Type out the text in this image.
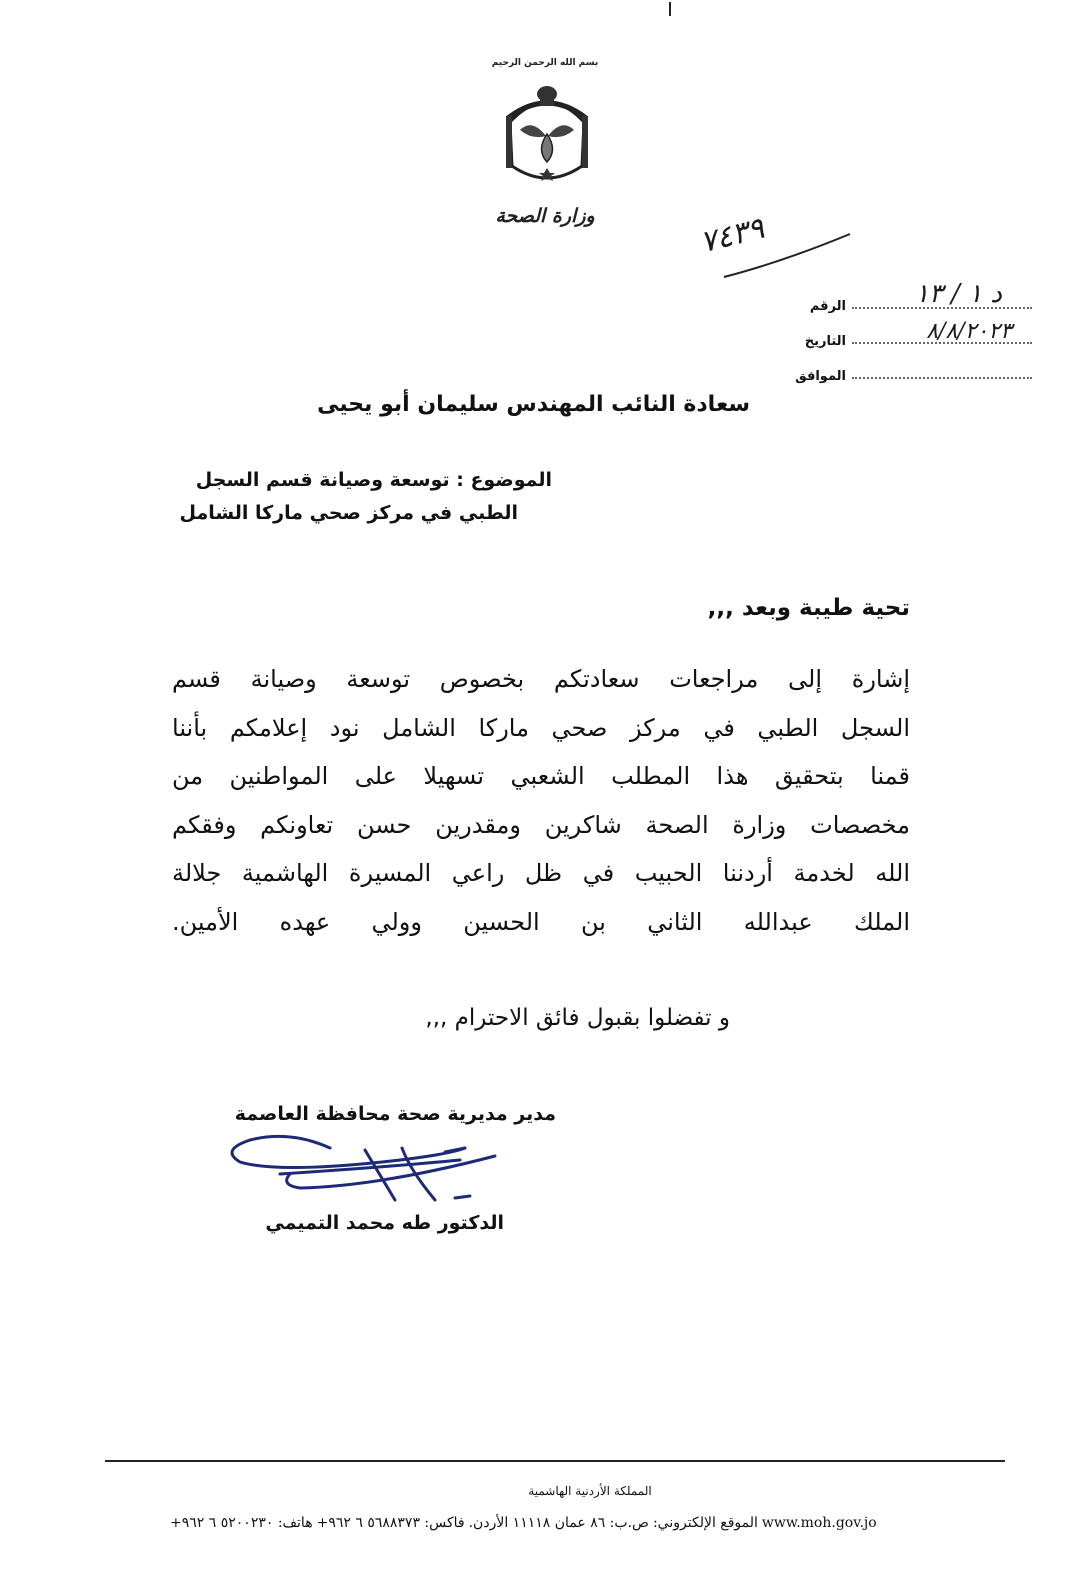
بسم الله الرحمن الرحيم
وزارة الصحة	٧٤٣٩
الرقم	د ١ / ١٣
التاريخ	٨/٨/٢٠٢٣
الموافق
سعادة النائب المهندس سليمان أبو يحيى
الموضوع : توسعة وصيانة قسم السجل
الطبي في مركز صحي ماركا الشامل
تحية طيبة وبعد ,,,

إشارة إلى مراجعات سعادتكم بخصوص توسعة وصيانة قسم

السجل الطبي في مركز صحي ماركا الشامل نود إعلامكم بأننا

قمنا بتحقيق هذا المطلب الشعبي تسهيلا على المواطنين من

مخصصات وزارة الصحة شاكرين ومقدرين حسن تعاونكم وفقكم

الله لخدمة أردننا الحبيب في ظل راعي المسيرة الهاشمية جلالة

الملك عبدالله الثاني بن الحسين وولي عهده الأمين.

و تفضلوا بقبول فائق الاحترام ,,,
مدير مديرية صحة محافظة العاصمة
الدكتور طه محمد التميمي
المملكة الأردنية الهاشمية
هاتف: ٥٢٠٠٢٣٠ ٦ ٩٦٢+ فاكس: ٥٦٨٨٣٧٣ ٦ ٩٦٢+ ص.ب: ٨٦ عمان ١١١١٨ الأردن. الموقع الإلكتروني: www.moh.gov.jo
